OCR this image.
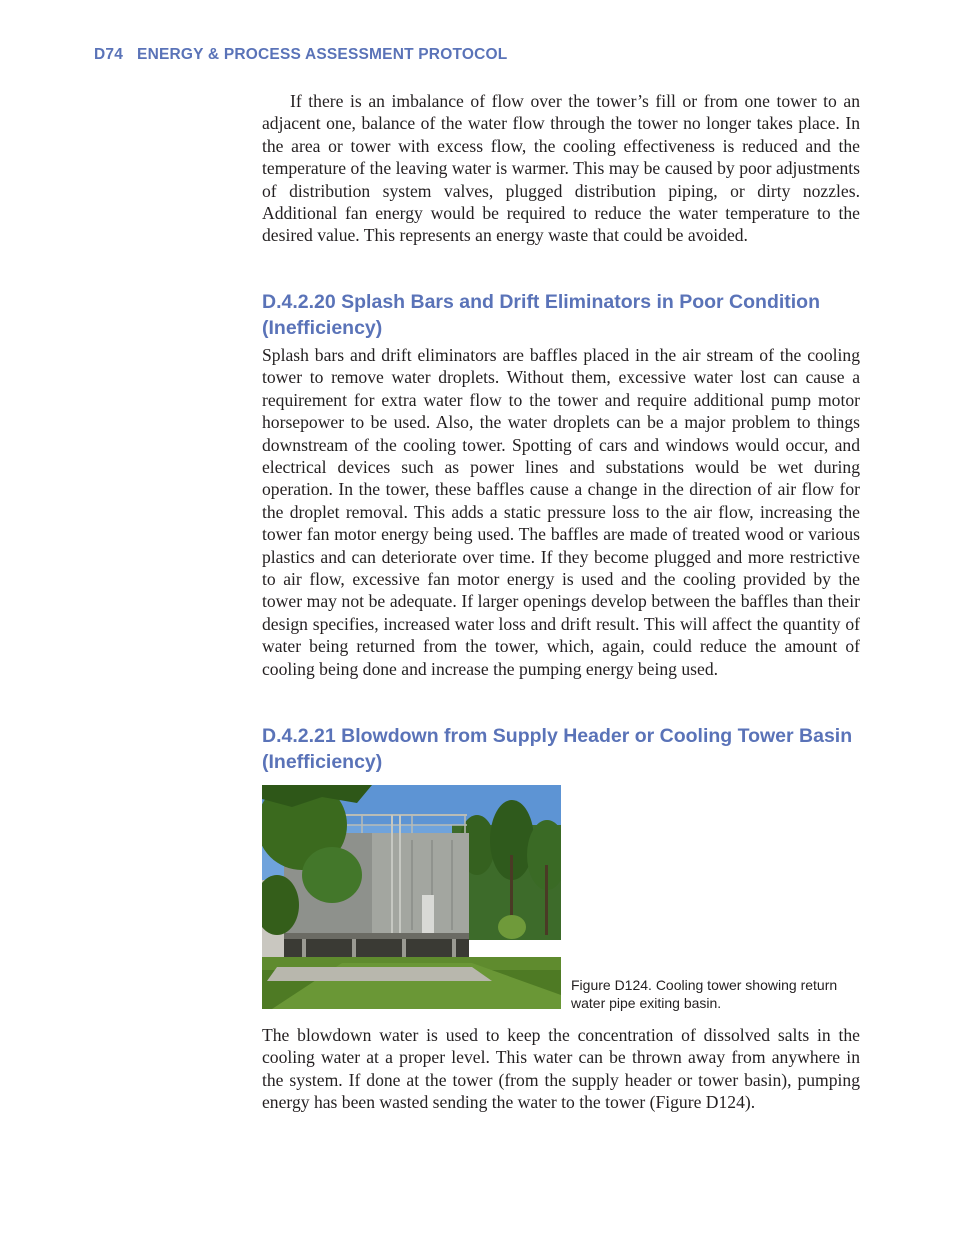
D74 ENERGY & PROCESS ASSESSMENT PROTOCOL

If there is an imbalance of flow over the tower’s fill or from one tower to an adjacent one, balance of the water flow through the tower no longer takes place. In the area or tower with excess flow, the cooling effectiveness is reduced and the temperature of the leaving water is warmer. This may be caused by poor adjustments of distribution system valves, plugged distribution piping, or dirty nozzles. Additional fan energy would be required to reduce the water temperature to the desired value. This represents an energy waste that could be avoided.

D.4.2.20 Splash Bars and Drift Eliminators in Poor Condition (Inefficiency)

Splash bars and drift eliminators are baffles placed in the air stream of the cooling tower to remove water droplets. Without them, excessive water lost can cause a requirement for extra water flow to the tower and require additional pump motor horsepower to be used. Also, the water droplets can be a major problem to things downstream of the cooling tower. Spotting of cars and windows would occur, and electrical devices such as power lines and substations would be wet during operation. In the tower, these baffles cause a change in the direction of air flow for the droplet removal. This adds a static pressure loss to the air flow, increasing the tower fan motor energy being used. The baffles are made of treated wood or various plastics and can deteriorate over time. If they become plugged and more restrictive to air flow, excessive fan motor energy is used and the cooling provided by the tower may not be adequate. If larger openings develop between the baffles than their design specifies, increased water loss and drift result. This will affect the quantity of water being returned from the tower, which, again, could reduce the amount of cooling being done and increase the pumping energy being used.

D.4.2.21 Blowdown from Supply Header or Cooling Tower Basin (Inefficiency)

Figure D124. Cooling tower showing return water pipe exiting basin.

The blowdown water is used to keep the concentration of dissolved salts in the cooling water at a proper level. This water can be thrown away from anywhere in the system. If done at the tower (from the supply header or tower basin), pumping energy has been wasted sending the water to the tower (Figure D124).
